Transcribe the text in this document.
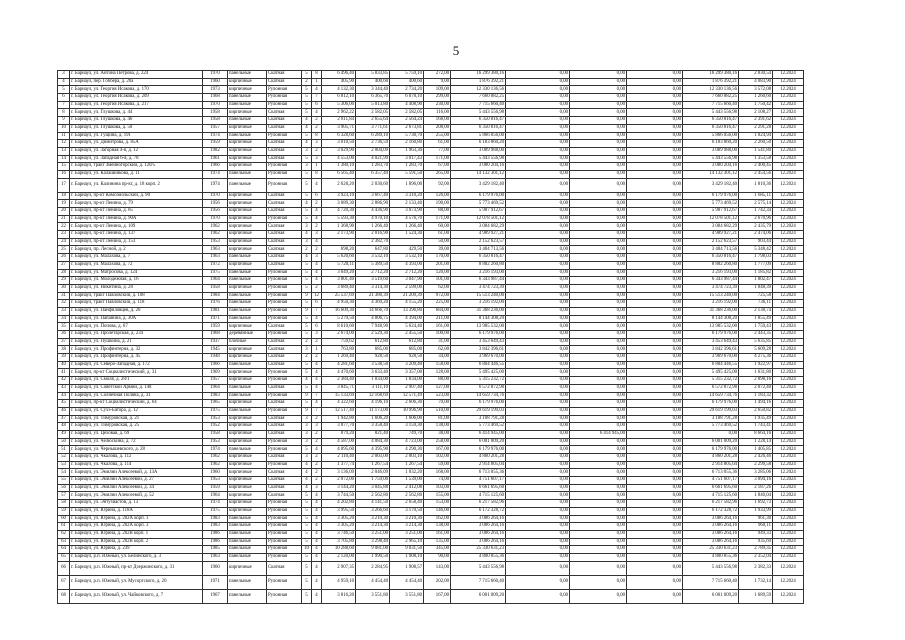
5
3	г. Барнаул, ул. Антона Петрова, д. 224	1970	панельные	Скатная	5	8	6 496,40	5 833,85	5 759,10	272,00	16 299 380,16	0,00	0,00	0,00	16 299 380,16	2 830,54	12.2024
4	г. Барнаул, пер. Гоббера, д. 20а	1960	кирпичные	Скатная	2	1	405,90	400,60	400,60	9,00	1 876 392,21	0,00	0,00	0,00	1 876 392,21	4 083,90	12.2024
5	г. Барнаул, ул. Георгия Исакова, д. 170	1973	кирпичные	Рулонная	5	4	4 132,30	3 344,40	2 734,20	109,00	12 330 136,56	0,00	0,00	0,00	12 330 136,56	3 572,08	12.2024
6	г. Барнаул, ул. Георгия Исакова, д. 209	1968	панельные	Рулонная	5	7	6 812,10	6 365,70	6 078,10	299,00	7 660 882,25	0,00	0,00	0,00	7 660 882,25	1 260,60	12.2024
7	г. Барнаул, ул. Георгия Исакова, д. 217	1970	панельные	Рулонная	5	6	5 306,00	5 013,80	4 408,90	230,00	7 715 660,40	0,00	0,00	0,00	7 715 660,40	1 750,42	12.2024
8	г. Барнаул, ул. Глушкова, д. 44	1958	кирпичные	Скатная	5	4	2 962,22	2 582,05	2 582,05	116,00	5 443 556,98	0,00	0,00	0,00	5 443 556,98	2 108,27	12.2024
9	г. Барнаул, ул. Глушкова, д. 46	1958	панельные	Скатная	4	2	2 811,84	2 655,64	2 564,24	168,00	6 350 816,47	0,00	0,00	0,00	6 350 816,47	2 391,62	12.2024
10	г. Барнаул, ул. Глушкова, д. 50	1957	кирпичные	Скатная	4	2	3 905,71	3 771,61	2 673,81	208,00	6 350 816,47	0,00	0,00	0,00	6 350 816,47	2 291,28	12.2024
11	г. Барнаул, ул. Гущина, д. 191	1974	панельные	Рулонная	5	8	6 328,60	6 289,10	5 730,70	255,00	5 866 056,00	0,00	0,00	0,00	5 866 056,00	1 024,94	12.2024
12	г. Барнаул, ул. Димитрова, д. 85А	1959	кирпичные	Скатная	4	3	3 010,50	2 736,59	2 160,80	61,00	6 183 860,20	0,00	0,00	0,00	6 183 860,20	2 260,50	12.2024
13	г. Барнаул, ул. Загорная 4-я, д. 12	1982	кирпичные	Скатная	3	2	3 029,90	2 004,09	1 963,30	77,00	3 089 988,00	0,00	0,00	0,00	3 089 988,00	1 541,80	12.2024
14	г. Барнаул, ул. Западная 6-я, д. 78	1961	кирпичные	Скатная	5	3	4 553,00	4 021,99	3 017,43	171,00	5 443 556,98	0,00	0,00	0,00	5 443 556,98	1 353,58	12.2024
15	г. Барнаул, тракт Змеиногорский, д. 120/5	1966	кирпичные	Рулонная	3	1	1 380,10	1 283,70	1 283,70	67,00	3 080 204,16	0,00	0,00	0,00	3 080 204,16	2 400,45	12.2024
16	г. Барнаул, ул. Калашникова, д. 11	1974	панельные	Рулонная	5	8	6 565,40	6 357,40	5 591,50	265,00	14 132 301,12	0,00	0,00	0,00	14 132 301,12	2 454,56	12.2024
17	г. Барнаул, ул. Калинина пр-кт, д. 18 корп. 2	1974	панельные	Рулонная	5	4	2 628,20	2 030,60	1 896,00	92,00	3 429 182,40	0,00	0,00	0,00	3 429 182,40	1 810,36	12.2024
18	г. Барнаул, пр-кт Комсомольский, д. 90	1970	кирпичные	Скатная	5	6	3 923,10	3 667,40	3 310,20	126,00	6 179 976,00	0,00	0,00	0,00	6 179 976,00	1 685,11	12.2024
19	г. Барнаул, пр-кт Ленина, д. 79	1956	кирпичные	Скатная	4	2	3 089,30	2 886,90	2 133,40	190,00	5 773 469,52	0,00	0,00	0,00	5 773 469,52	2 575,14	12.2024
20	г. Барнаул, пр-кт Ленина, д. 85	1956	кирпичные	Скатная	5	4	4 720,30	4 436,90	3 073,90	88,00	5 987 912,67	0,00	0,00	0,00	5 987 912,67	1 742,34	12.2024
21	г. Барнаул, пр-кт Ленина, д. 90А	1970	кирпичные	Рулонная	5	4	5 593,30	4 970,10	4 576,70	171,00	12 078 501,12	0,00	0,00	0,00	12 078 501,12	2 670,96	12.2024
22	г. Барнаул, пр-кт Ленина, д. 109	1962	кирпичные	Скатная	3	2	1 368,90	1 266,40	1 266,40	60,00	3 084 682,29	0,00	0,00	0,00	3 084 682,29	2 435,79	12.2024
23	г. Барнаул, пр-кт Ленина, д. 137	1962	кирпичные	Скатная	4	3	2 173,90	2 016,90	1 524,30	61,00	4 989 927,21	0,00	0,00	0,00	4 989 927,21	2 474,06	12.2024
24	г. Барнаул, пр-кт Ленина, д. 153	1953	кирпичные	Скатная	3	4		2 382,70		50,00	2 152 623,57	0,00	0,00	0,00	2 152 623,57	903,44	12.2024
25	г. Барнаул, пр. Лесной, д. 2	1963	кирпичные	Скатная	2	2	698,20	647,80	429,50	39,00	3 404 713,56	0,00	0,00	0,00	3 404 713,56	5 348,42	12.2024
26	г. Барнаул, ул. Малахова, д. 7	1963	панельные	Скатная	4	3	5 620,60	3 532,10	3 532,10	170,00	6 350 816,47	0,00	0,00	0,00	6 350 816,47	1 798,03	12.2024
27	г. Барнаул, ул. Малахова, д. 72	1972	кирпичные	Скатная	5	4	5 720,11	5 389,50	4 393,00	201,00	8 882 260,80	0,00	0,00	0,00	8 882 260,80	1 777,09	12.2024
28	г. Барнаул, ул. Матросова, д. 124	1975	панельные	Рулонная	5	4	3 049,20	2 712,20	2 712,20	120,00	3 216 193,00	0,00	0,00	0,00	3 216 193,00	1 185,82	12.2024
29	г. Барнаул, ул. Молодежная, д. 16	1964	панельные	Рулонная	5	4	3 801,40	3 519,60	3 047,90	101,00	6 343 987,44	0,00	0,00	0,00	6 343 987,44	1 802,47	12.2024
30	г. Барнаул, ул. Никитина, д. 28	1958	кирпичные	Рулонная	5	2	3 689,40	3 314,30	2 599,00	62,00	3 474 723,39	0,00	0,00	0,00	3 474 723,39	1 048,39	12.2024
31	г. Барнаул, тракт Павловский, д. 108	1984	панельные	Рулонная	9	12	25 537,69	21 380,39	21 209,39	972,00	15 513 240,00	0,00	0,00	0,00	15 513 240,00	725,58	12.2024
32	г. Барнаул, тракт Павловский, д. 118	1976	панельные	Рулонная	5	6	4 950,30	4 369,20	4 155,20	225,00	3 216 192,00	0,00	0,00	0,00	3 216 192,00	736,11	12.2024
33	г. Барнаул, ул. Панфиловцев, д. 20	1981	панельные	Рулонная	9	7	16 609,30	14 666,70	13 396,80	684,00	31 368 236,00	0,00	0,00	0,00	31 368 236,00	2 138,74	12.2024
34	г. Барнаул, ул. Папанина, д. 30А	1971	панельные	Рулонная	5	4	5 279,50	4 806,75	4 394,00	211,00	8 144 308,20	0,00	0,00	0,00	8 144 308,20	1 855,49	12.2024
35	г. Барнаул, ул. Попова, д. 67	1959	кирпичные	Скатная	5	6	8 610,60	7 948,90	5 624,40	161,00	13 985 532,00	0,00	0,00	0,00	13 985 532,00	1 759,43	12.2024
36	г. Барнаул, ул. Пролетарская, д. 234	1968	деревянные	Рулонная	5	3	2 674,00	2 529,30	2 455,50	100,00	6 179 976,00	0,00	0,00	0,00	6 179 976,00	2 443,35	12.2024
37	г. Барнаул, ул. Пушкина, д. 21	1937	блочные	Скатная	2	2	759,62	612,80	612,80	31,00	3 453 649,43	0,00	0,00	0,00	3 453 649,43	5 635,85	12.2024
38	г. Барнаул, ул. Профинтерна, д. 32	1945	кирпичные	Скатная	3	1	763,80	685,00	685,00	62,00	3 842 396,61	0,00	0,00	0,00	3 842 396,61	5 609,28	12.2024
39	г. Барнаул, ул. Профинтерна, д. 45	1948	кирпичные	Скатная	2	2	1 269,40	928,50	928,50	34,00	3 969 670,00	0,00	0,00	0,00	3 969 670,00	4 275,36	12.2024
40	г. Барнаул, ул. Северо-Западная, д. 172	1966	панельные	Скатная	5	4	4 281,60	3 538,50	3 209,40	158,00	6 804 446,55	0,00	0,00	0,00	6 804 446,55	1 922,97	12.2024
41	г. Барнаул, пр-кт Социалистический, д. 31	1969	кирпичные	Рулонная	5	4	4 470,60	3 633,40	3 357,00	128,00	5 495 425,00	0,00	0,00	0,00	5 495 425,00	1 631,80	12.2024
42	г. Барнаул, ул. Смоля, д. 28/1	1957	кирпичные	Рулонная	4	4	2 384,40	1 834,00	1 834,00	88,00	5 315 232,72	0,00	0,00	0,00	5 315 232,72	2 898,16	12.2024
43	г. Барнаул, ул. Советской Армии, д. 148	1964	панельные	Скатная	5	4	3 845,71	3 111,10	2 907,40	127,00	6 572 872,98	0,00	0,00	0,00	6 572 872,98	2 072,40	12.2024
44	г. Барнаул, ул. Солнечная Поляна, д. 31	1983	панельные	Рулонная	9	7	15 133,69	12 168,69	12 571,49	523,00	14 659 734,76	0,00	0,00	0,00	14 659 734,76	1 183,32	12.2024
45	г. Барнаул, пр-кт Социалистический, д. 64	1965	кирпичные	Скатная	5	4	4 322,60	4 196,10	2 606,30	70,00	6 179 976,00	0,00	0,00	0,00	6 179 976,00	1 494,16	12.2024
46	г. Барнаул, ул. Сухэ-Батора, д. 12	1975	панельные	Рулонная	9	7	12 517,40	11 173,00	10 996,90	510,00	29 619 199,03	0,00	0,00	0,00	29 619 199,03	2 650,82	12.2024
47	г. Барнаул, ул. Тимуровская, д. 21	1953	кирпичные	Скатная	3	2	1 942,80	1 606,20	1 606,00	81,00	3 108 791,28	0,00	0,00	0,00	3 108 791,28	1 935,49	12.2024
48	г. Барнаул, ул. Тимуровская, д. 25	1952	кирпичные	Скатная	3	3	3 877,70	3 358,40	3 159,30	138,00	5 773 469,52	0,00	0,00	0,00	5 773 469,52	1 743,41	12.2024
49	г. Барнаул, ул. Цеховая, д. 69	1958	кирпичные	Скатная	3	2	879,20	821,40	749,70	38,00	6 414 945,00	0,00	6 414 945,00	0,00	0,00	8 664,16	12.2024
50	г. Барнаул, ул. Челюскина, д. 72	1953	кирпичные	Рулонная	3	2	4 587,00	4 084,30	4 723,00	258,00	6 001 009,20	0,00	0,00	0,00	6 001 009,20	1 228,14	12.2024
51	г. Барнаул, ул. Чернышевского, д. 28	1974	панельные	Рулонная	5	4	4 095,60	4 395,90	4 290,30	167,00	6 179 976,00	0,00	0,00	0,00	6 179 976,00	1 405,85	12.2024
52	г. Барнаул, ул. Чкалова, д. 112	1962	кирпичные	Скатная	3	2	2 110,40	2 003,00	2 003,10	102,00	4 860 201,28	0,00	0,00	0,00	4 860 201,28	2 426,46	12.2024
53	г. Барнаул, ул. Чкалова, д. 114	1962	кирпичные	Рулонная	4	2	1 377,74	1 267,54	1 267,54	59,00	2 914 805,04	0,00	0,00	0,00	2 914 805,04	2 299,58	12.2024
54	г. Барнаул, ул. Эмилии Алексеевой, д. 13А	1960	кирпичные	Скатная	4	2	3 136,09	2 046,09	1 832,20	168,00	6 713 055,36	0,00	0,00	0,00	6 713 055,36	3 285,06	12.2024
55	г. Барнаул, ул. Эмилии Алексеевой, д. 27	1953	кирпичные	Скатная	4	2	2 072,00	1 759,00	1 539,00	74,00	4 751 607,17	0,00	0,00	0,00	4 751 607,17	3 094,16	12.2024
56	г. Барнаул, ул. Эмилии Алексеевой, д. 34	1959	кирпичные	Скатная	4	3	3 144,20	3 045,88	2 412,08	103,00	6 661 695,60	0,00	0,00	0,00	6 661 695,60	2 187,26	12.2024
57	г. Барнаул, ул. Эмилии Алексеевой, д. 52	1964	кирпичные	Скатная	5	4	3 744,50	2 562,80	2 562,80	155,00	4 715 125,60	0,00	0,00	0,00	4 715 125,60	1 840,04	12.2024
58	г. Барнаул, ул. Энтузиастов, д. 13	1974	кирпичные	Рулонная	5	4	4 202,80	4 141,50	2 658,40	153,00	6 217 582,96	0,00	0,00	0,00	6 217 582,96	1 692,73	12.2024
59	г. Барнаул, ул. Юрина, д. 118А	1975	кирпичные	Рулонная	5	4	3 995,50	3 266,60	3 170,50	146,00	6 172 328,72	0,00	0,00	0,00	6 172 328,72	1 933,99	12.2024
60	г. Барнаул, ул. Юрина, д. 202А корп. 1	1983	панельные	Рулонная	5	4	3 305,20	3 210,30	3 210,30	162,00	3 086 264,16	0,00	0,00	0,00	3 086 264,16	961,30	12.2024
61	г. Барнаул, ул. Юрина, д. 202А корп. 3	1983	панельные	Рулонная	5	4	3 305,20	3 214,30	3 214,30	138,00	3 086 264,16	0,00	0,00	0,00	3 086 264,16	960,11	12.2024
62	г. Барнаул, ул. Юрина, д. 202В корп. 1	1986	панельные	Рулонная	5	4	3 746,50	3 251,00	3 251,00	161,00	3 086 264,16	0,00	0,00	0,00	3 086 264,16	949,33	12.2024
63	г. Барнаул, ул. Юрина, д. 202В корп. 2	1986	панельные	Рулонная	5	4	3 705,80	3 298,40	2 965,10	135,00	3 086 264,16	0,00	0,00	0,00	3 086 264,16	935,69	12.2024
64	г. Барнаул, ул. Юрина, д. 239	1985	панельные	Рулонная	10	4	10 288,60	9 081,00	9 031,50	345,00	25 330 631,23	0,00	0,00	0,00	25 330 631,23	2 789,35	12.2024
65	г. Барнаул, р.п. Южный, ул. Белинского, д. 3	1963	панельные	Рулонная	5	4	2 120,00	1 990,50	1 908,10	90,00	4 800 855,36	0,00	0,00	0,00	4 800 855,36	2 352,04	12.2024
66	г. Барнаул, р.п. Южный, пр-кт Дзержинского, д. 31	1960	кирпичные	Скатная	5	4	2 907,35	2 284,95	1 908,57	143,00	5 443 556,98	0,00	0,00	0,00	5 443 556,98	2 382,33	12.2024
67	г. Барнаул, р.п. Южный, ул. Мусоргского, д. 20	1971	панельные	Рулонная	5	4	4 959,10	4 454,40	4 454,40	202,00	7 715 660,40	0,00	0,00	0,00	7 715 660,40	1 732,14	12.2024
68	г. Барнаул, р.п. Южный, ул. Чайковского, д. 7	1967	панельные	Рулонная	5	4	3 816,20	3 551,80	3 551,80	167,00	6 001 009,20	0,00	0,00	0,00	6 001 009,20	1 689,59	12.2024
